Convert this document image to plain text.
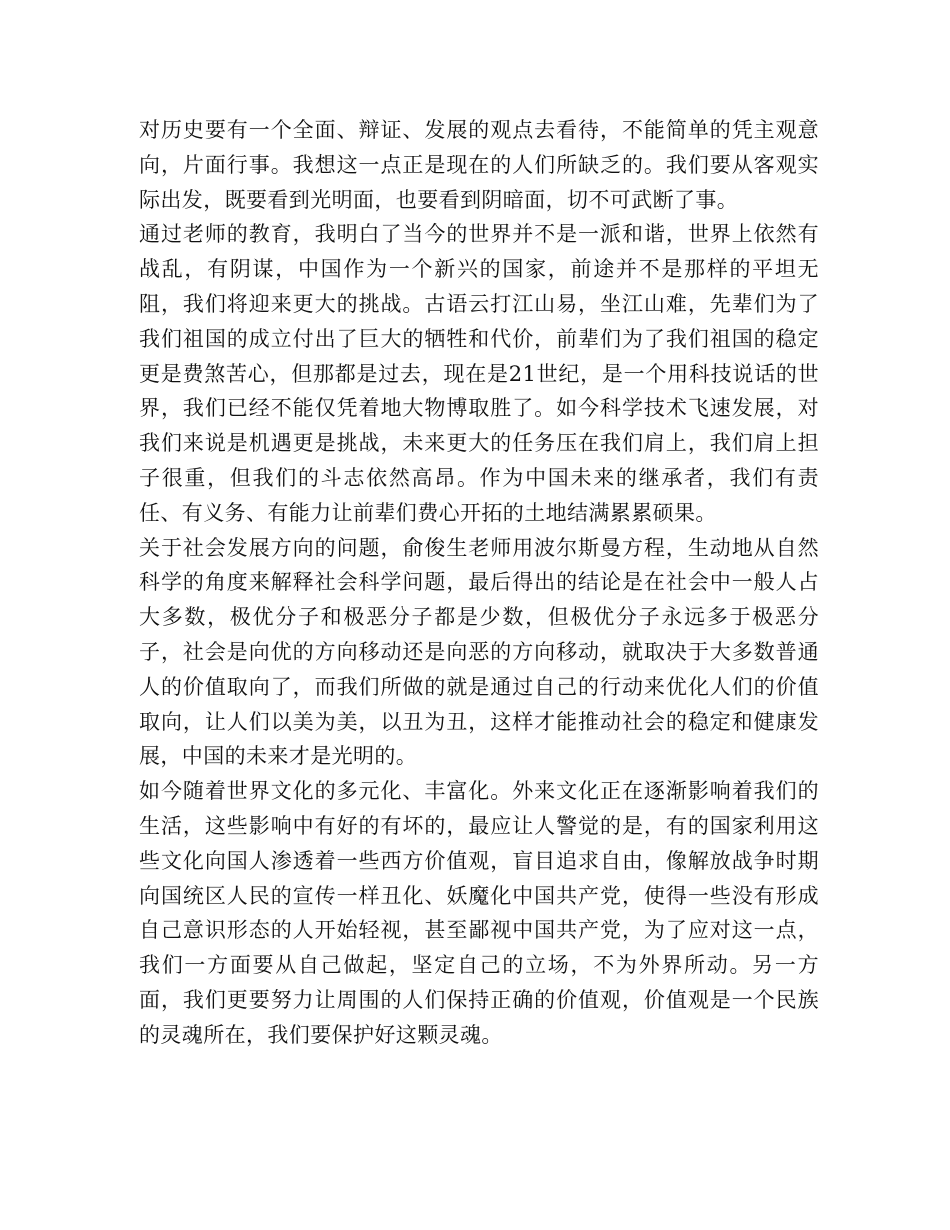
对历史要有一个全面、辩证、发展的观点去看待，不能简单的凭主观意向，片面行事。我想这一点正是现在的人们所缺乏的。我们要从客观实际出发，既要看到光明面，也要看到阴暗面，切不可武断了事。

通过老师的教育，我明白了当今的世界并不是一派和谐，世界上依然有战乱，有阴谋，中国作为一个新兴的国家，前途并不是那样的平坦无阻，我们将迎来更大的挑战。古语云打江山易，坐江山难，先辈们为了我们祖国的成立付出了巨大的牺牲和代价，前辈们为了我们祖国的稳定更是费煞苦心，但那都是过去，现在是21世纪，是一个用科技说话的世界，我们已经不能仅凭着地大物博取胜了。如今科学技术飞速发展，对我们来说是机遇更是挑战，未来更大的任务压在我们肩上，我们肩上担子很重，但我们的斗志依然高昂。作为中国未来的继承者，我们有责任、有义务、有能力让前辈们费心开拓的土地结满累累硕果。

关于社会发展方向的问题，俞俊生老师用波尔斯曼方程，生动地从自然科学的角度来解释社会科学问题，最后得出的结论是在社会中一般人占大多数，极优分子和极恶分子都是少数，但极优分子永远多于极恶分子，社会是向优的方向移动还是向恶的方向移动，就取决于大多数普通人的价值取向了，而我们所做的就是通过自己的行动来优化人们的价值取向，让人们以美为美，以丑为丑，这样才能推动社会的稳定和健康发展，中国的未来才是光明的。

如今随着世界文化的多元化、丰富化。外来文化正在逐渐影响着我们的生活，这些影响中有好的有坏的，最应让人警觉的是，有的国家利用这些文化向国人渗透着一些西方价值观，盲目追求自由，像解放战争时期向国统区人民的宣传一样丑化、妖魔化中国共产党，使得一些没有形成自己意识形态的人开始轻视，甚至鄙视中国共产党，为了应对这一点，我们一方面要从自己做起，坚定自己的立场，不为外界所动。另一方面，我们更要努力让周围的人们保持正确的价值观，价值观是一个民族的灵魂所在，我们要保护好这颗灵魂。
